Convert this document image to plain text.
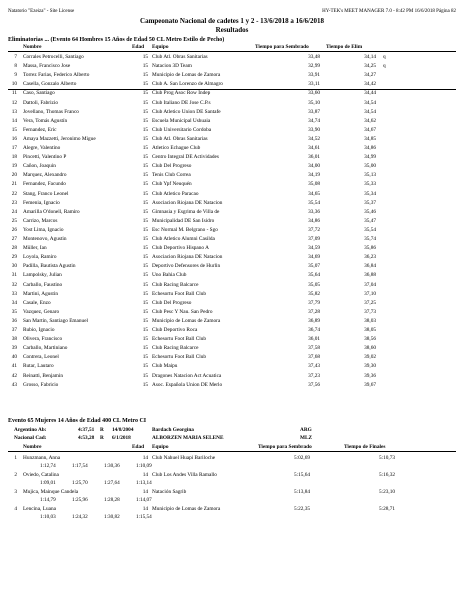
Natatorio "Ezeiza" - Site License	HY-TEK's MEET MANAGER 7.0 - 8:42 PM 16/6/2018 Página 82
Campeonato Nacional de cadetes 1 y 2 - 13/6/2018 a 16/6/2018
Resultados
Eliminatorias ... (Evento 64 Hombres 15 Años de Edad 50 CL Metro Estilo de Pecho)
Nombre	Edad Equipo	Tiempo para Sembrado	Tiempo de Elim
7 Corrales Petrocelli, Santiago	15 Club Atl. Obras Sanitarias	33,48	34,14 q
8 Massa, Francisco Jose	15 Natacion 3D Team	32,99	34,25 q
9 Torrez Farias, Federico Alberto	15 Municipio de Lomas de Zamora	33,91	34,27
10 Casella, Gonzalo Alberto	15 Club A. San Lorenzo de Almagro	33,11	34,42
11 Caso, Santiago	15 Club Prog Asoc Row Indep	33,60	34,44
12 Dattoli, Fabrizio	15 Club Italiano DE Jose C.P.s	35,10	34,54
13 Jovellano, Thomas Franco	15 Club Atletico Union DE Santafe	33,87	34,54
14 Vera, Tomás Agustín	15 Escuela Municipal Ushuaia	34,74	34,62
15 Fernandez, Eric	15 Club Universitario Cordoba	33,90	34,67
16 Amaya Mazzetti, Jeronimo Migue	15 Club Atl. Obras Sanitarias	34,52	34,85
17 Alegre, Valentino	15 Atletico Echague Club	34,61	34,86
18 Pincetti, Valentino P	15 Centro Integral DE Actividades	36,01	34,99
19 Cañon, Joaquin	15 Club Del Progreso	34,00	35,00
20 Marquez, Alexandro	15 Tenis Club Correa	34,19	35,13
21 Fernandez, Facundo	15 Club Ypf Neuquén	35,08	35,33
22 Stang, Franco Leonel	15 Club Atletico Paracao	34,65	35,34
23 Femenia, Ignacio	15 Asociacion Riojana DE Natacion	35,54	35,37
24 Amarilla O'donell, Ramiro	15 Gimnasia y Esgrima de Villa de	33,36	35,46
25 Carrizo, Marcos	15 Municipalidad DE San Isidro	34,86	35,47
26 Yost Lima, Ignacio	15 Esc Normal M. Belgrano - Sgo	37,72	35,54
27 Montenovo, Agustin	15 Club Atletico Alumni Casilda	37,09	35,74
28 Müller, Ian	15 Club Deportivo Hispano A	34,59	35,86
29 Loyola, Ramiro	15 Asociacion Riojana DE Natacion	34,69	36,23
30 Padilla, Bautista Agustin	15 Deportivo Defensores de Hurlin	35,07	36,84
31 Lampolsky, Julian	15 Uno Bahia Club	35,64	36,88
32 Carballo, Faustino	15 Club Racing Balcarce	35,05	37,04
33 Martini, Agustin	15 Echesortu Foot Ball Club	35,82	37,10
34 Casale, Enzo	15 Club Del Progreso	37,79	37,25
35 Vazquez, Genaro	15 Club Pesc Y Nau. San Pedro	37,28	37,73
36 San Martin, Santiago Emanuel	15 Municipio de Lomas de Zamora	36,89	38,03
37 Rubio, Ignacio	15 Club Deportivo Roca	36,74	38,05
38 Olivera, Francisco	15 Echesortu Foot Ball Club	36,01	38,56
39 Carballo, Martiniano	15 Club Racing Balcarce	37,58	38,60
40 Contrera, Leonel	15 Echesortu Foot Ball Club	37,68	39,02
41 Rutar, Lautaro	15 Club Maipu	37,43	39,30
42 Reinatti, Benjamin	15 Dragones Natacion Act Acuatica	37,23	39,36
43 Grosso, Fabricio	15 Asoc. Española Union DE Merlo	37,56	39,67
Evento 65 Mujeres 14 Años de Edad 400 CL Metro CI
Argentino Ab:	4:37,51 R 14/8/2004	Bardach Georgina	ARG
Nacional Cad:	4:53,28 R 6/1/2018	ALBORZEN MARIA SELENE	MLZ
Nombre	Edad Equipo	Tiempo para Sembrado	Tiempo de Finales
1 Hunzmann, Anna	14 Club Nahuel Huapi Bariloche	5:02,69	5:10,73
1:12,74	1:17,54	1:30,36	1:10,09
2 Oviedo, Catalina	14 Club Los Andes Villa Ramallo	5:15,64	5:16,32
1:09,01	1:25,70	1:27,64	1:13,14
3 Mujica, Mainque Candela	14 Natación Sagrib	5:13,84	5:23,10
1:14,79	1:25,96	1:28,28	1:14,07
4 Lencina, Luana	14 Municipio de Lomas de Zamora	5:22,35	5:28,71
1:10,03	1:24,32	1:30,82	1:15,54
